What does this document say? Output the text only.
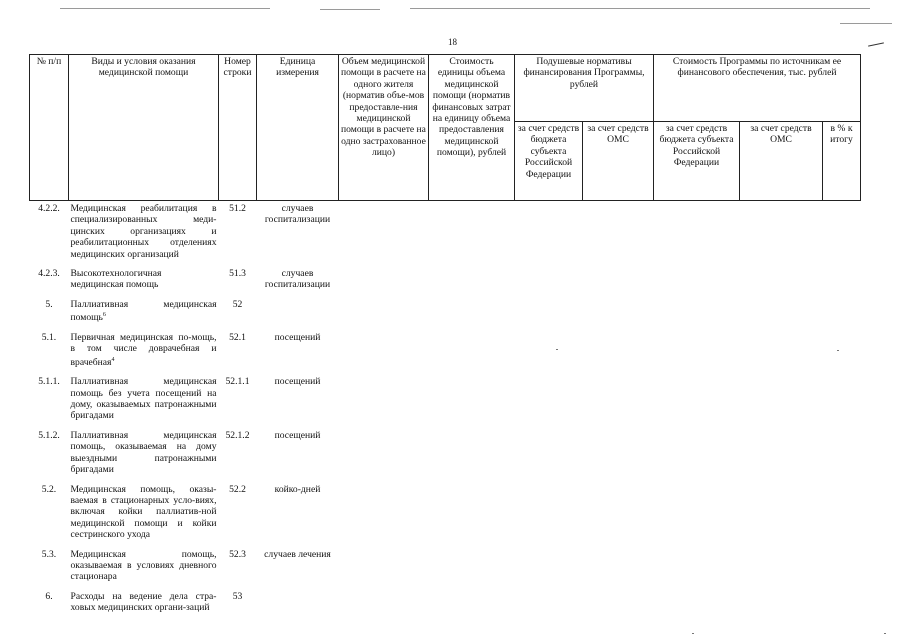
18
№ п/п	Виды и условия оказания медицинской помощи	Номер строки	Единица измерения	Объем медицинской помощи в расчете на одного жителя (норматив объе-мов предоставле-ния медицинской помощи в расчете на одно застрахованное лицо)	Стоимость единицы объема медицинской помощи (норматив финансовых затрат на единицу объема предоставления медицинской помощи), рублей	Подушевые нормативы финансирования Программы, рублей		Стоимость Программы по источникам ее финансового обеспечения, тыс. рублей		
						за счет средств бюджета субъекта Российской Федерации	за счет средств ОМС	за счет средств бюджета субъекта Российской Федерации	за счет средств ОМС	в % к итогу
4.2.2.	Медицинская реабилитация в специализированных меди-цинских организациях и реабилитационных отделениях медицинских организаций	51.2	случаев госпитализации							
4.2.3.	Высокотехнологичная медицинская помощь	51.3	случаев госпитализации							
5.	Паллиативная медицинская помощь$^6$	52								
5.1.	Первичная медицинская по-мощь, в том числе доврачебная и врачебная$^4$	52.1	посещений							
5.1.1.	Паллиативная медицинская помощь без учета посещений на дому, оказываемых патронажными бригадами	52.1.1	посещений							
5.1.2.	Паллиативная медицинская помощь, оказываемая на дому выездными патронажными бригадами	52.1.2	посещений							
5.2.	Медицинская помощь, оказы-ваемая в стационарных усло-виях, включая койки паллиатив-ной медицинской помощи и койки сестринского ухода	52.2	койко-дней							
5.3.	Медицинская помощь, оказываемая в условиях дневного стационара	52.3	случаев лечения							
6.	Расходы на ведение дела стра-ховых медицинских органи-заций	53								
